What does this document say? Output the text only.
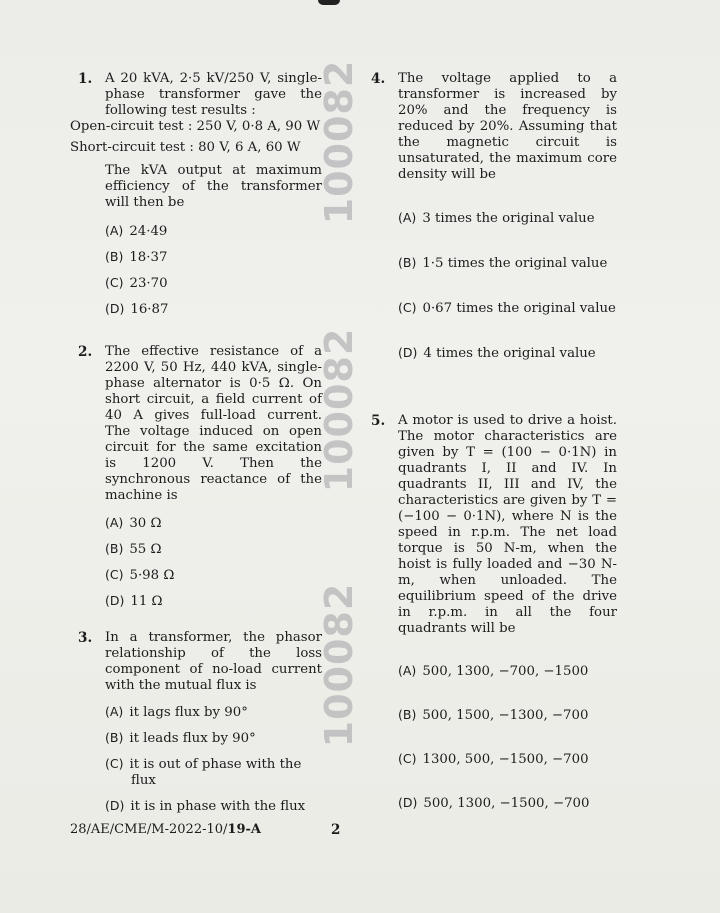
100082
100082
100082
1. A 20 kVA, 2·5 kV/250 V, single-phase transformer gave the following test results :
Open-circuit test : 250 V, 0·8 A, 90 W
Short-circuit test : 80 V, 6 A, 60 W
The kVA output at maximum efficiency of the transformer will then be
(A) 24·49
(B) 18·37
(C) 23·70
(D) 16·87
2. The effective resistance of a 2200 V, 50 Hz, 440 kVA, single-phase alternator is 0·5 Ω. On short circuit, a field current of 40 A gives full-load current. The voltage induced on open circuit for the same excitation is 1200 V. Then the synchronous reactance of the machine is
(A) 30 Ω
(B) 55 Ω
(C) 5·98 Ω
(D) 11 Ω
3. In a transformer, the phasor relationship of the loss component of no-load current with the mutual flux is
(A) it lags flux by 90°
(B) it leads flux by 90°
(C) it is out of phase with the flux
(D) it is in phase with the flux
4. The voltage applied to a transformer is increased by 20% and the frequency is reduced by 20%. Assuming that the magnetic circuit is unsaturated, the maximum core density will be
(A) 3 times the original value
(B) 1·5 times the original value
(C) 0·67 times the original value
(D) 4 times the original value
5. A motor is used to drive a hoist. The motor characteristics are given by T = (100 − 0·1N) in quadrants I, II and IV. In quadrants II, III and IV, the characteristics are given by T = (−100 − 0·1N), where N is the speed in r.p.m. The net load torque is 50 N-m, when the hoist is fully loaded and −30 N-m, when unloaded. The equilibrium speed of the drive in r.p.m. in all the four quadrants will be
(A) 500, 1300, −700, −1500
(B) 500, 1500, −1300, −700
(C) 1300, 500, −1500, −700
(D) 500, 1300, −1500, −700
28/AE/CME/M-2022-10/19-A	2
